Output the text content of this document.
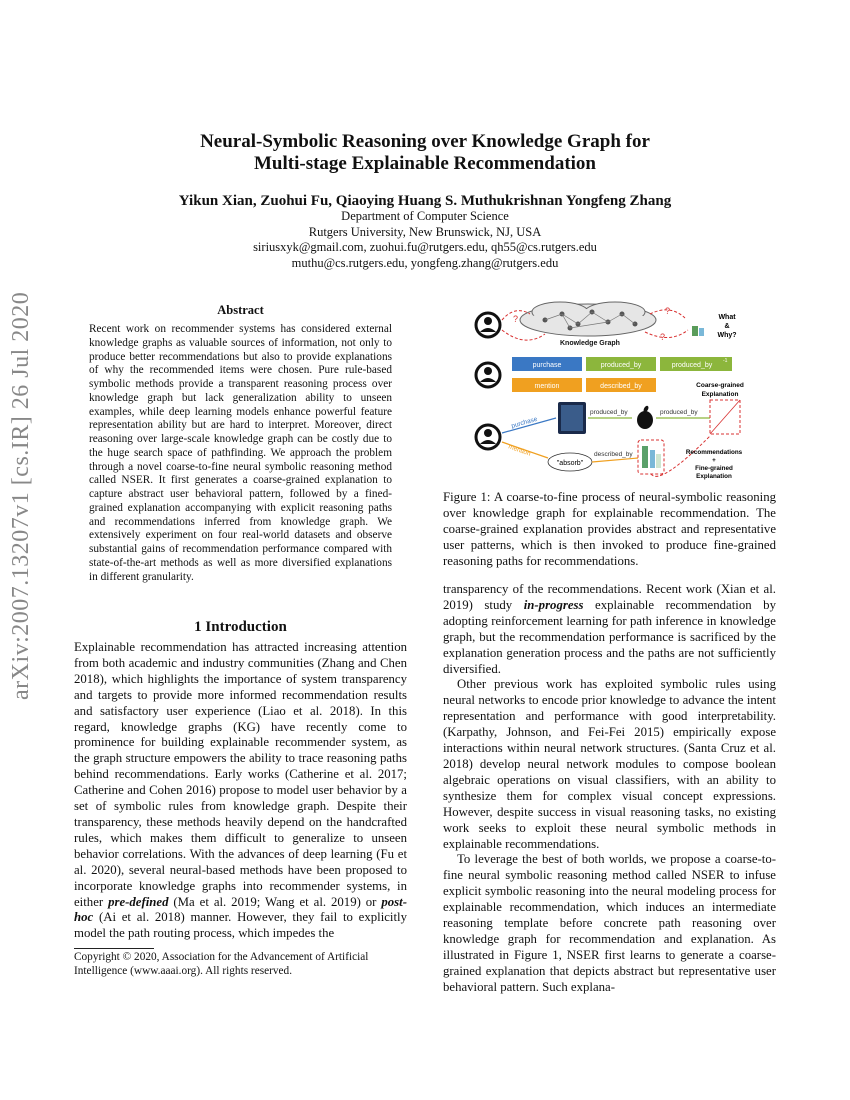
arXiv:2007.13207v1 [cs.IR] 26 Jul 2020
Neural-Symbolic Reasoning over Knowledge Graph for
Multi-stage Explainable Recommendation
Yikun Xian, Zuohui Fu, Qiaoying Huang S. Muthukrishnan Yongfeng Zhang
Department of Computer Science
Rutgers University, New Brunswick, NJ, USA
siriusxyk@gmail.com, zuohui.fu@rutgers.edu, qh55@cs.rutgers.edu
muthu@cs.rutgers.edu, yongfeng.zhang@rutgers.edu
Abstract
Recent work on recommender systems has considered external knowledge graphs as valuable sources of information, not only to produce better recommendations but also to provide explanations of why the recommended items were chosen. Pure rule-based symbolic methods provide a transparent reasoning process over knowledge graph but lack generalization ability to unseen examples, while deep learning models enhance powerful feature representation ability but are hard to interpret. Moreover, direct reasoning over large-scale knowledge graph can be costly due to the huge search space of pathfinding. We approach the problem through a novel coarse-to-fine neural symbolic reasoning method called NSER. It first generates a coarse-grained explanation to capture abstract user behavioral pattern, followed by a fined-grained explanation accompanying with explicit reasoning paths and recommendations inferred from knowledge graph. We extensively experiment on four real-world datasets and observe substantial gains of recommendation performance compared with state-of-the-art methods as well as more diversified explanations in different granularity.
1 Introduction

Explainable recommendation has attracted increasing attention from both academic and industry communities (Zhang and Chen 2018), which highlights the importance of system transparency and targets to provide more informed recommendation results and satisfactory user experience (Liao et al. 2018). In this regard, knowledge graphs (KG) have recently come to prominence for building explainable recommender system, as the graph structure empowers the ability to trace reasoning paths behind recommendations. Early works (Catherine et al. 2017; Catherine and Cohen 2016) propose to model user behavior by a set of symbolic rules from knowledge graph. Despite their transparency, these methods heavily depend on the handcrafted rules, which makes them difficult to generalize to unseen behavior correlations. With the advances of deep learning (Fu et al. 2020), several neural-based methods have been proposed to incorporate knowledge graphs into recommender systems, in either pre-defined (Ma et al. 2019; Wang et al. 2019) or post-hoc (Ai et al. 2018) manner. However, they fail to explicitly model the path routing process, which impedes the

Copyright © 2020, Association for the Advancement of Artificial Intelligence (www.aaai.org). All rights reserved.
Knowledge Graph
?
?
?
What
&
Why?
purchase	produced_by	produced_by
-1
mention	described_by	Coarse-grained
Explanation
purchase
produced_by	produced_by
mention
"absorb"
described_by	Recommendations
+
Fine-grained
Explanation
Figure 1: A coarse-to-fine process of neural-symbolic reasoning over knowledge graph for explainable recommendation. The coarse-grained explanation provides abstract and representative user patterns, which is then invoked to produce fine-grained reasoning paths for recommendations.

transparency of the recommendations. Recent work (Xian et al. 2019) study in-progress explainable recommendation by adopting reinforcement learning for path inference in knowledge graph, but the recommendation performance is sacrificed by the explanation generation process and the paths are not sufficiently diversified.

Other previous work has exploited symbolic rules using neural networks to encode prior knowledge to advance the intent representation and performance with good interpretability. (Karpathy, Johnson, and Fei-Fei 2015) empirically expose interactions within neural network structures. (Santa Cruz et al. 2018) develop neural network modules to compose boolean algebraic operations on visual classifiers, with an ability to synthesize them for complex visual concept expressions. However, despite success in visual reasoning tasks, no existing work seeks to exploit these neural symbolic methods in explainable recommendations.

To leverage the best of both worlds, we propose a coarse-to-fine neural symbolic reasoning method called NSER to infuse explicit symbolic reasoning into the neural modeling process for explainable recommendation, which induces an intermediate reasoning template before concrete path reasoning over knowledge graph for recommendation and explanation. As illustrated in Figure 1, NSER first learns to generate a coarse-grained explanation that depicts abstract but representative user behavioral pattern. Such explana-
